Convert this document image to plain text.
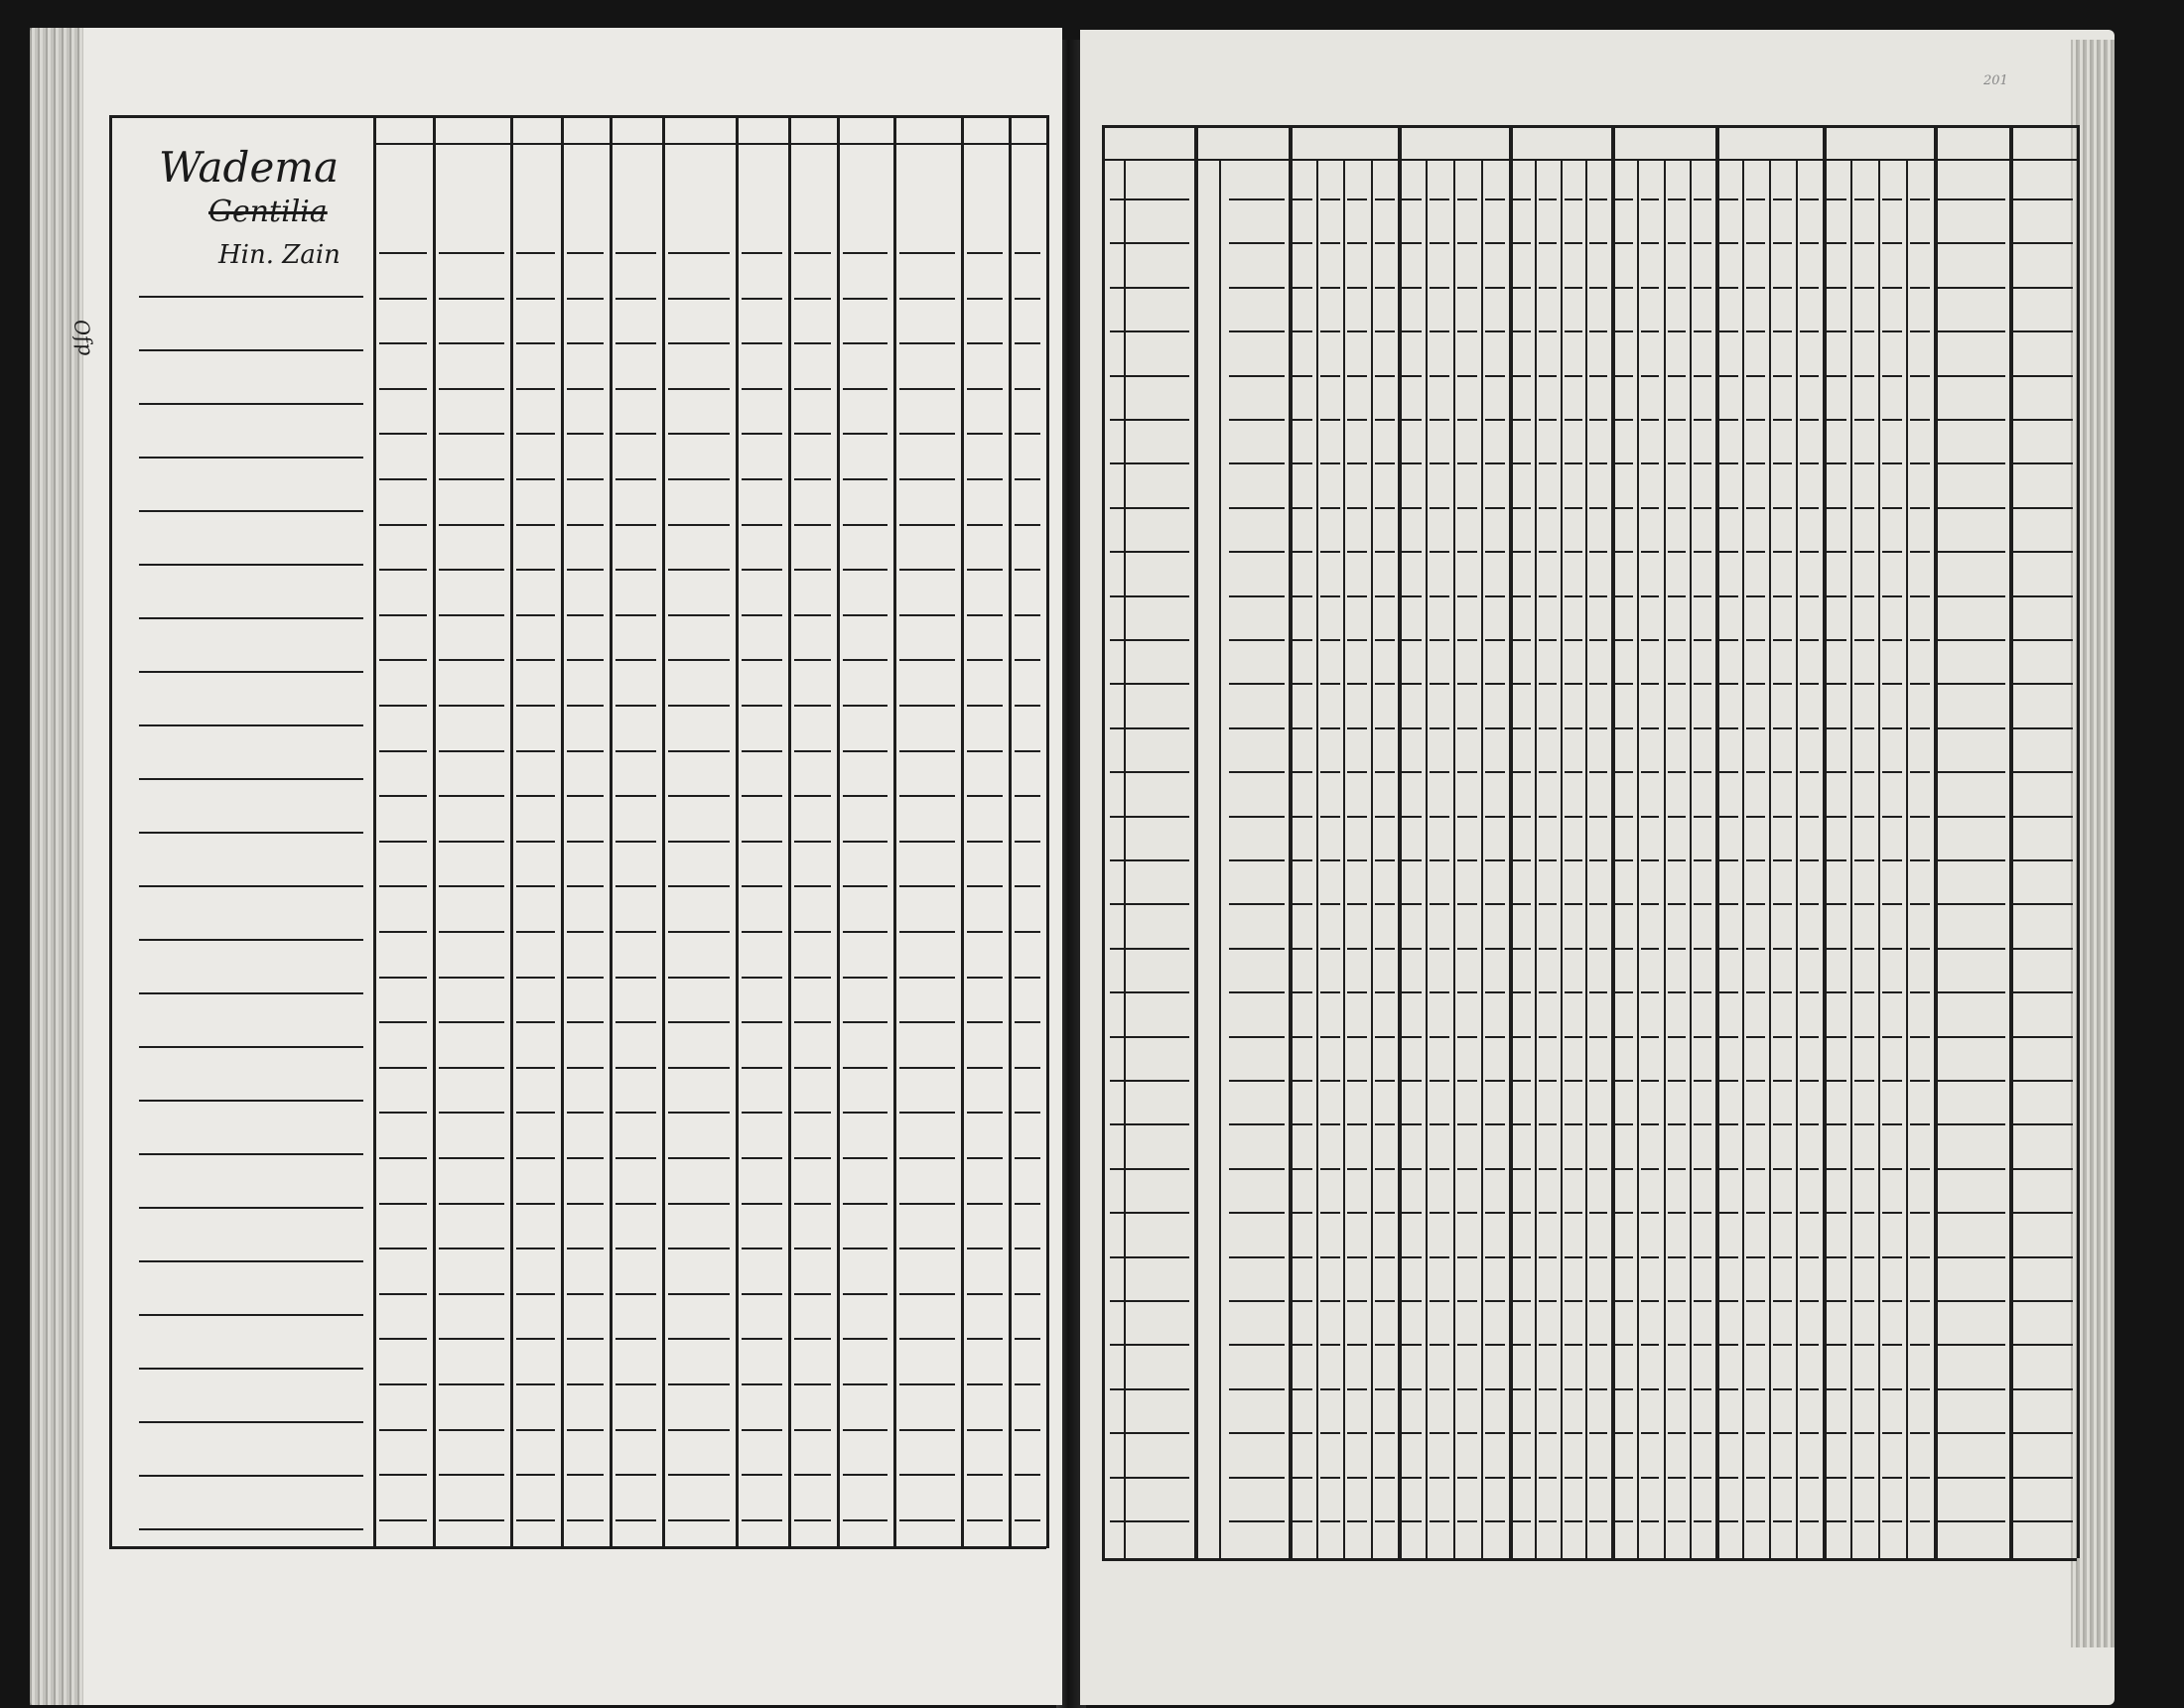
Wadema
Gentilia
Hin. Zain
Ofp
201
